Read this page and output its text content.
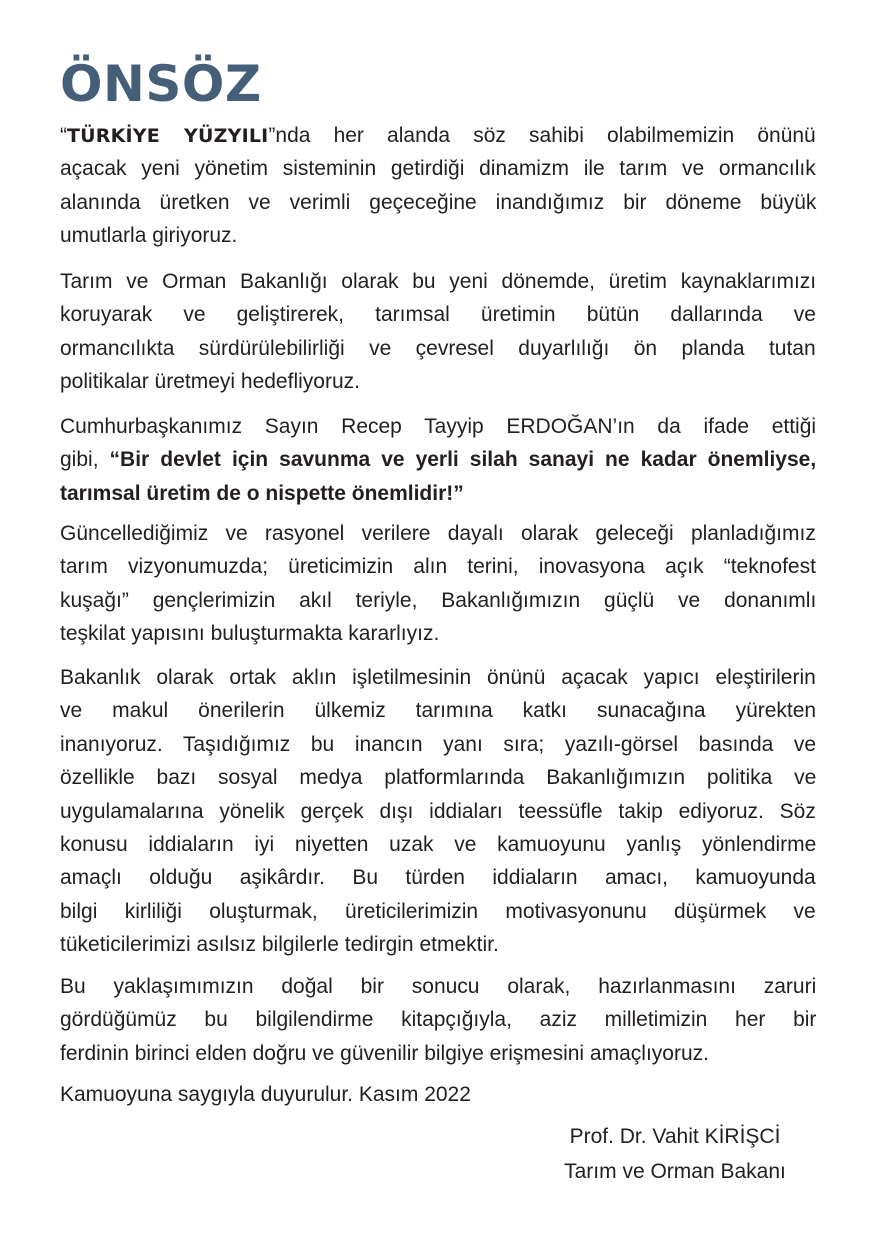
ÖNSÖZ
“TÜRKİYE YÜZYILI”nda her alanda söz sahibi olabilmemizin önünü
açacak yeni yönetim sisteminin getirdiği dinamizm ile tarım ve ormancılık
alanında üretken ve verimli geçeceğine inandığımız bir döneme büyük
umutlarla giriyoruz.
Tarım ve Orman Bakanlığı olarak bu yeni dönemde, üretim kaynaklarımızı
koruyarak ve geliştirerek, tarımsal üretimin bütün dallarında ve
ormancılıkta sürdürülebilirliği ve çevresel duyarlılığı ön planda tutan
politikalar üretmeyi hedefliyoruz.
Cumhurbaşkanımız Sayın Recep Tayyip ERDOĞAN’ın da ifade ettiği
gibi, “Bir devlet için savunma ve yerli silah sanayi ne kadar önemliyse,
tarımsal üretim de o nispette önemlidir!”
Güncellediğimiz ve rasyonel verilere dayalı olarak geleceği planladığımız
tarım vizyonumuzda; üreticimizin alın terini, inovasyona açık “teknofest
kuşağı” gençlerimizin akıl teriyle, Bakanlığımızın güçlü ve donanımlı
teşkilat yapısını buluşturmakta kararlıyız.
Bakanlık olarak ortak aklın işletilmesinin önünü açacak yapıcı eleştirilerin
ve makul önerilerin ülkemiz tarımına katkı sunacağına yürekten
inanıyoruz. Taşıdığımız bu inancın yanı sıra; yazılı-görsel basında ve
özellikle bazı sosyal medya platformlarında Bakanlığımızın politika ve
uygulamalarına yönelik gerçek dışı iddiaları teessüfle takip ediyoruz. Söz
konusu iddiaların iyi niyetten uzak ve kamuoyunu yanlış yönlendirme
amaçlı olduğu aşikârdır. Bu türden iddiaların amacı, kamuoyunda
bilgi kirliliği oluşturmak, üreticilerimizin motivasyonunu düşürmek ve
tüketicilerimizi asılsız bilgilerle tedirgin etmektir.
Bu yaklaşımımızın doğal bir sonucu olarak, hazırlanmasını zaruri
gördüğümüz bu bilgilendirme kitapçığıyla, aziz milletimizin her bir
ferdinin birinci elden doğru ve güvenilir bilgiye erişmesini amaçlıyoruz.
Kamuoyuna saygıyla duyurulur. Kasım 2022
Prof. Dr. Vahit KİRİŞCİ
Tarım ve Orman Bakanı
